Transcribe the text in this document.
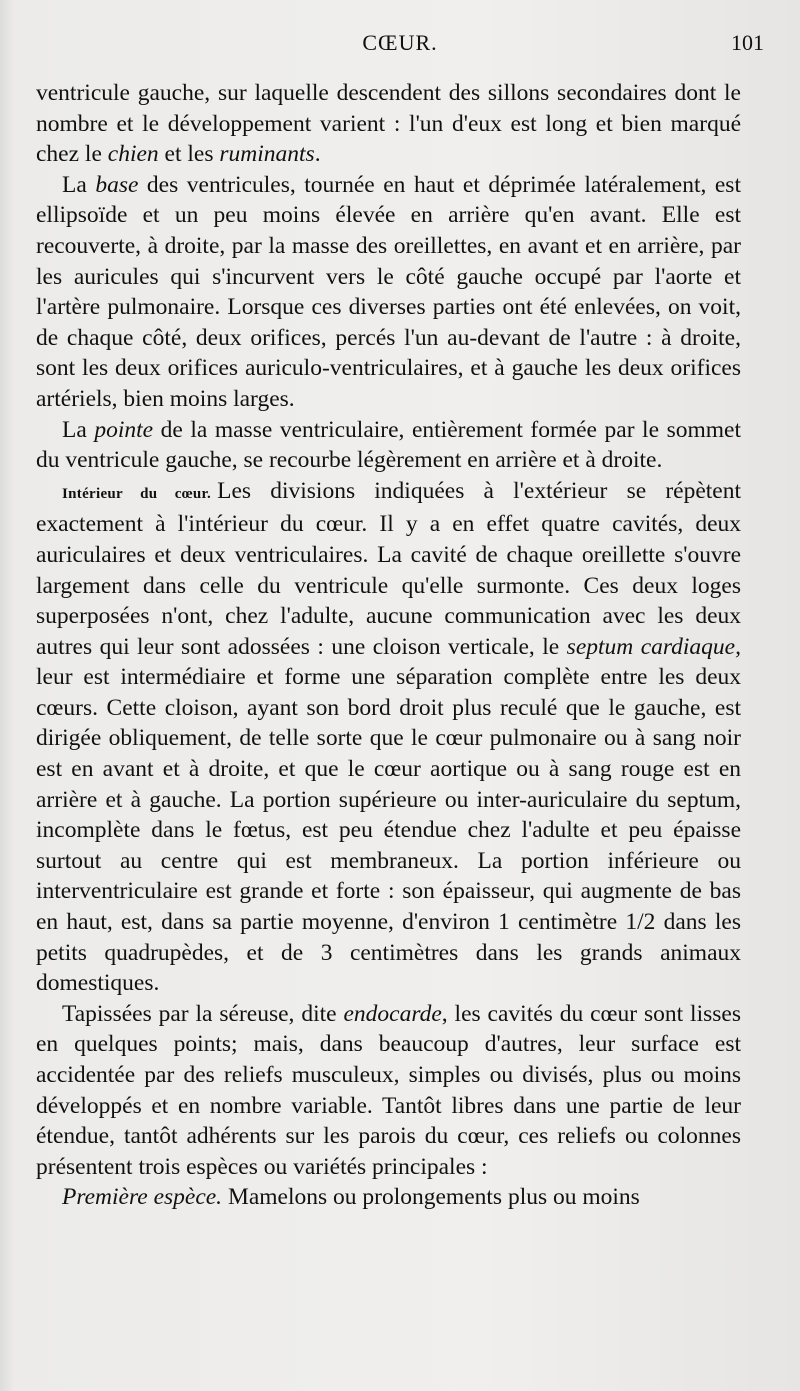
CŒUR.	101

ventricule gauche, sur laquelle descendent des sillons secondaires dont le nombre et le développement varient : l'un d'eux est long et bien marqué chez le chien et les ruminants.

La base des ventricules, tournée en haut et déprimée latéralement, est ellipsoïde et un peu moins élevée en arrière qu'en avant. Elle est recouverte, à droite, par la masse des oreillettes, en avant et en arrière, par les auricules qui s'incurvent vers le côté gauche occupé par l'aorte et l'artère pulmonaire. Lorsque ces diverses parties ont été enlevées, on voit, de chaque côté, deux orifices, percés l'un au-devant de l'autre : à droite, sont les deux orifices auriculo-ventriculaires, et à gauche les deux orifices artériels, bien moins larges.

La pointe de la masse ventriculaire, entièrement formée par le sommet du ventricule gauche, se recourbe légèrement en arrière et à droite.

Intérieur du cœur. Les divisions indiquées à l'extérieur se répètent exactement à l'intérieur du cœur. Il y a en effet quatre cavités, deux auriculaires et deux ventriculaires. La cavité de chaque oreillette s'ouvre largement dans celle du ventricule qu'elle surmonte. Ces deux loges superposées n'ont, chez l'adulte, aucune communication avec les deux autres qui leur sont adossées : une cloison verticale, le septum cardiaque, leur est intermédiaire et forme une séparation complète entre les deux cœurs. Cette cloison, ayant son bord droit plus reculé que le gauche, est dirigée obliquement, de telle sorte que le cœur pulmonaire ou à sang noir est en avant et à droite, et que le cœur aortique ou à sang rouge est en arrière et à gauche. La portion supérieure ou inter-auriculaire du septum, incomplète dans le fœtus, est peu étendue chez l'adulte et peu épaisse surtout au centre qui est membraneux. La portion inférieure ou interventriculaire est grande et forte : son épaisseur, qui augmente de bas en haut, est, dans sa partie moyenne, d'environ 1 centimètre 1/2 dans les petits quadrupèdes, et de 3 centimètres dans les grands animaux domestiques.

Tapissées par la séreuse, dite endocarde, les cavités du cœur sont lisses en quelques points; mais, dans beaucoup d'autres, leur surface est accidentée par des reliefs musculeux, simples ou divisés, plus ou moins développés et en nombre variable. Tantôt libres dans une partie de leur étendue, tantôt adhérents sur les parois du cœur, ces reliefs ou colonnes présentent trois espèces ou variétés principales :

Première espèce. Mamelons ou prolongements plus ou moins
